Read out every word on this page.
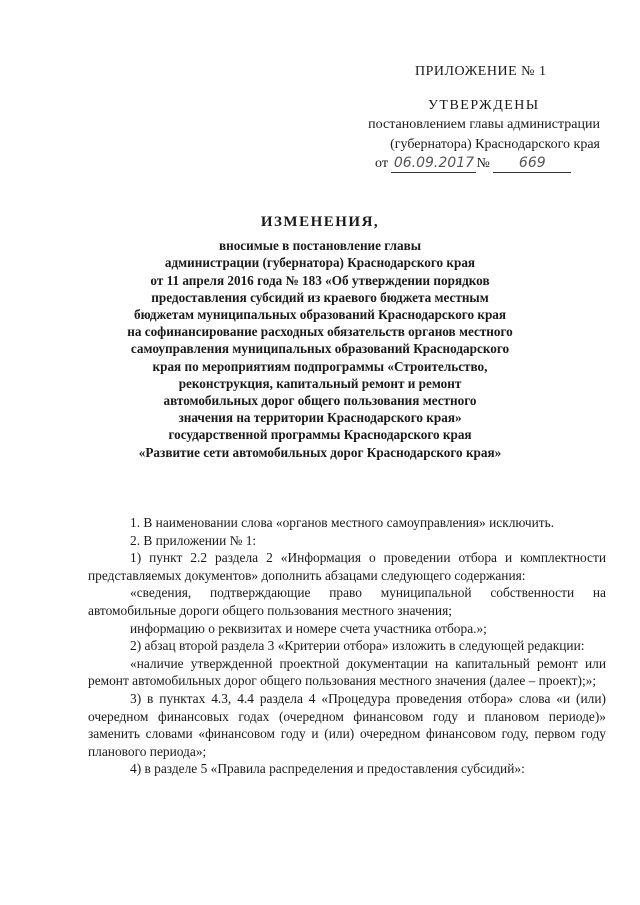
ПРИЛОЖЕНИЕ № 1
УТВЕРЖДЕНЫ
постановлением главы администрации
(губернатора) Краснодарского края
от 06.09.2017 № 669
ИЗМЕНЕНИЯ,
вносимые в постановление главы
администрации (губернатора) Краснодарского края
от 11 апреля 2016 года № 183 «Об утверждении порядков
предоставления субсидий из краевого бюджета местным
бюджетам муниципальных образований Краснодарского края
на софинансирование расходных обязательств органов местного
самоуправления муниципальных образований Краснодарского
края по мероприятиям подпрограммы «Строительство,
реконструкция, капитальный ремонт и ремонт
автомобильных дорог общего пользования местного
значения на территории Краснодарского края»
государственной программы Краснодарского края
«Развитие сети автомобильных дорог Краснодарского края»

1. В наименовании слова «органов местного самоуправления» исключить.

2. В приложении № 1:

1) пункт 2.2 раздела 2 «Информация о проведении отбора и комплектности представляемых документов» дополнить абзацами следующего содержания:

«сведения, подтверждающие право муниципальной собственности на автомобильные дороги общего пользования местного значения;

информацию о реквизитах и номере счета участника отбора.»;

2) абзац второй раздела 3 «Критерии отбора» изложить в следующей редакции:

«наличие утвержденной проектной документации на капитальный ремонт или ремонт автомобильных дорог общего пользования местного значения (далее – проект);»;

3) в пунктах 4.3, 4.4 раздела 4 «Процедура проведения отбора» слова «и (или) очередном финансовых годах (очередном финансовом году и плановом периоде)» заменить словами «финансовом году и (или) очередном финансовом году, первом году планового периода»;

4) в разделе 5 «Правила распределения и предоставления субсидий»:
